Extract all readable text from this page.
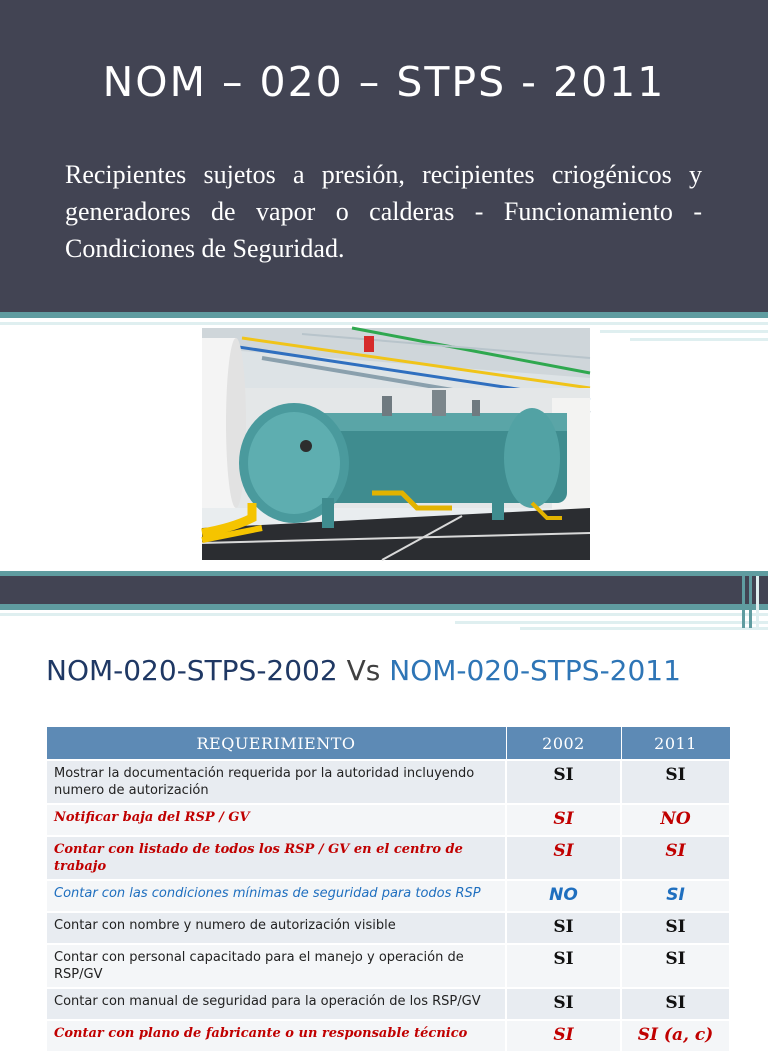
NOM – 020 – STPS - 2011
Recipientes sujetos a presión, recipientes criogénicos y generadores de vapor o calderas - Funcionamiento - Condiciones de Seguridad.
NOM-020-STPS-2002 Vs NOM-020-STPS-2011
REQUERIMIENTO	2002	2011
Mostrar la documentación requerida por la autoridad incluyendo numero de autorización	SI	SI
Notificar baja del RSP / GV	SI	NO
Contar con listado de todos los RSP / GV en el centro de trabajo	SI	SI
Contar con las condiciones mínimas de seguridad para todos RSP	NO	SI
Contar con nombre y numero de autorización visible	SI	SI
Contar con personal capacitado para el manejo y operación de RSP/GV	SI	SI
Contar con manual de seguridad para la operación de los RSP/GV	SI	SI
Contar con plano de fabricante o un responsable técnico	SI	SI (a, c)
